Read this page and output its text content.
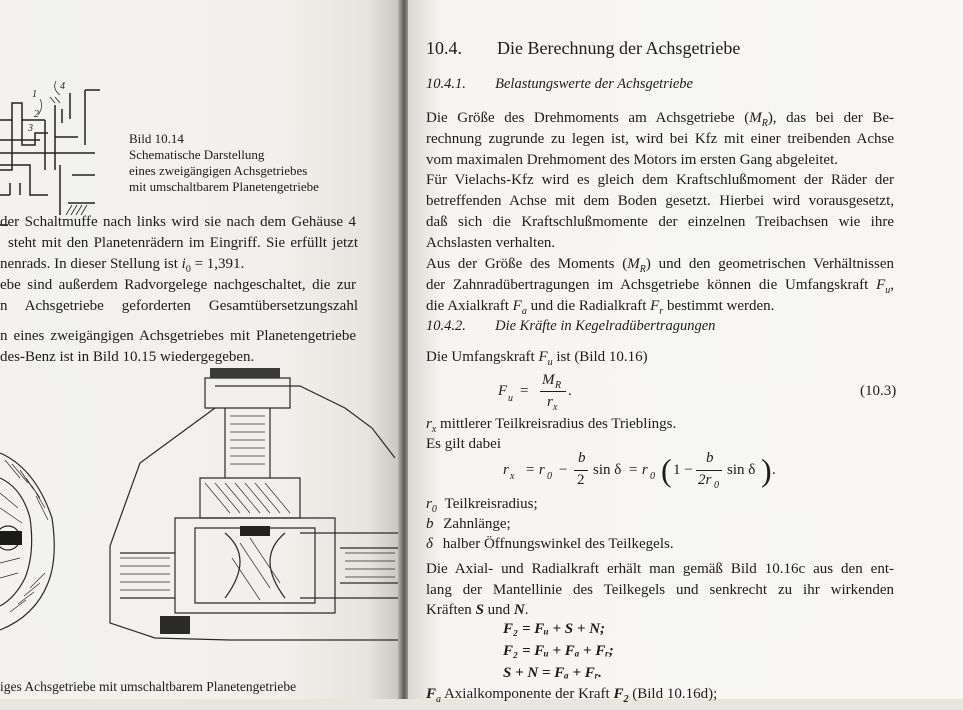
4
1
2
3
Bild 10.14
Schematische Darstellung
eines zweigängigen Achsgetriebes
mit umschaltbarem Planetengetriebe
der Schaltmuffe nach links wird sie nach dem Gehäuse 4
steht mit den Planetenrädern im Eingriff. Sie erfüllt jetzt
nenrads. In dieser Stellung ist $i_0 = 1,391$.
ebe sind außerdem Radvorgelege nachgeschaltet, die zur
n Achsgetriebe geforderten Gesamtübersetzungszahl
n eines zweigängigen Achsgetriebes mit Planetengetriebe
des-Benz ist in Bild 10.15 wiedergegeben.
iges Achsgetriebe mit umschaltbarem Planetengetriebe
10.4. Die Berechnung der Achsgetriebe
10.4.1. Belastungswerte der Achsgetriebe
Die Größe des Drehmoments am Achsgetriebe $(M_R)$, das bei der Be-
rechnung zugrunde zu legen ist, wird bei Kfz mit einer treibenden Achse
vom maximalen Drehmoment des Motors im ersten Gang abgeleitet.
Für Vielachs-Kfz wird es gleich dem Kraftschlußmoment der Räder der
betreffenden Achse mit dem Boden gesetzt. Hierbei wird vorausgesetzt,
daß sich die Kraftschlußmomente der einzelnen Treibachsen wie ihre
Achslasten verhalten.
Aus der Größe des Moments $(M_R)$ und den geometrischen Verhältnissen
der Zahnradübertragungen im Achsgetriebe können die Umfangskraft $F_u$,
die Axialkraft $F_a$ und die Radialkraft $F_r$ bestimmt werden.
10.4.2. Die Kräfte in Kegelradübertragungen
Die Umfangskraft $F_u$ ist (Bild 10.16)
F u =
M R
r x
.	(10.3)
$r_x$ mittlerer Teilkreisradius des Trieblings.
Es gilt dabei
r x = r 0 −
b
2
sin δ = r 0 ( 1 −
b
2r 0
sin δ ) .
$r_0$ Teilkreisradius;
b Zahnlänge;
δ halber Öffnungswinkel des Teilkegels.
Die Axial- und Radialkraft erhält man gemäß Bild 10.16c aus den ent-
lang der Mantellinie des Teilkegels und senkrecht zu ihr wirkenden
Kräften S und N.
F₂ = Fᵤ + S + N;
F₂ = Fᵤ + Fₐ + Fᵣ;
S + N = Fₐ + Fᵣ.
$F_a$ Axialkomponente der Kraft $F_2$ (Bild 10.16d);
